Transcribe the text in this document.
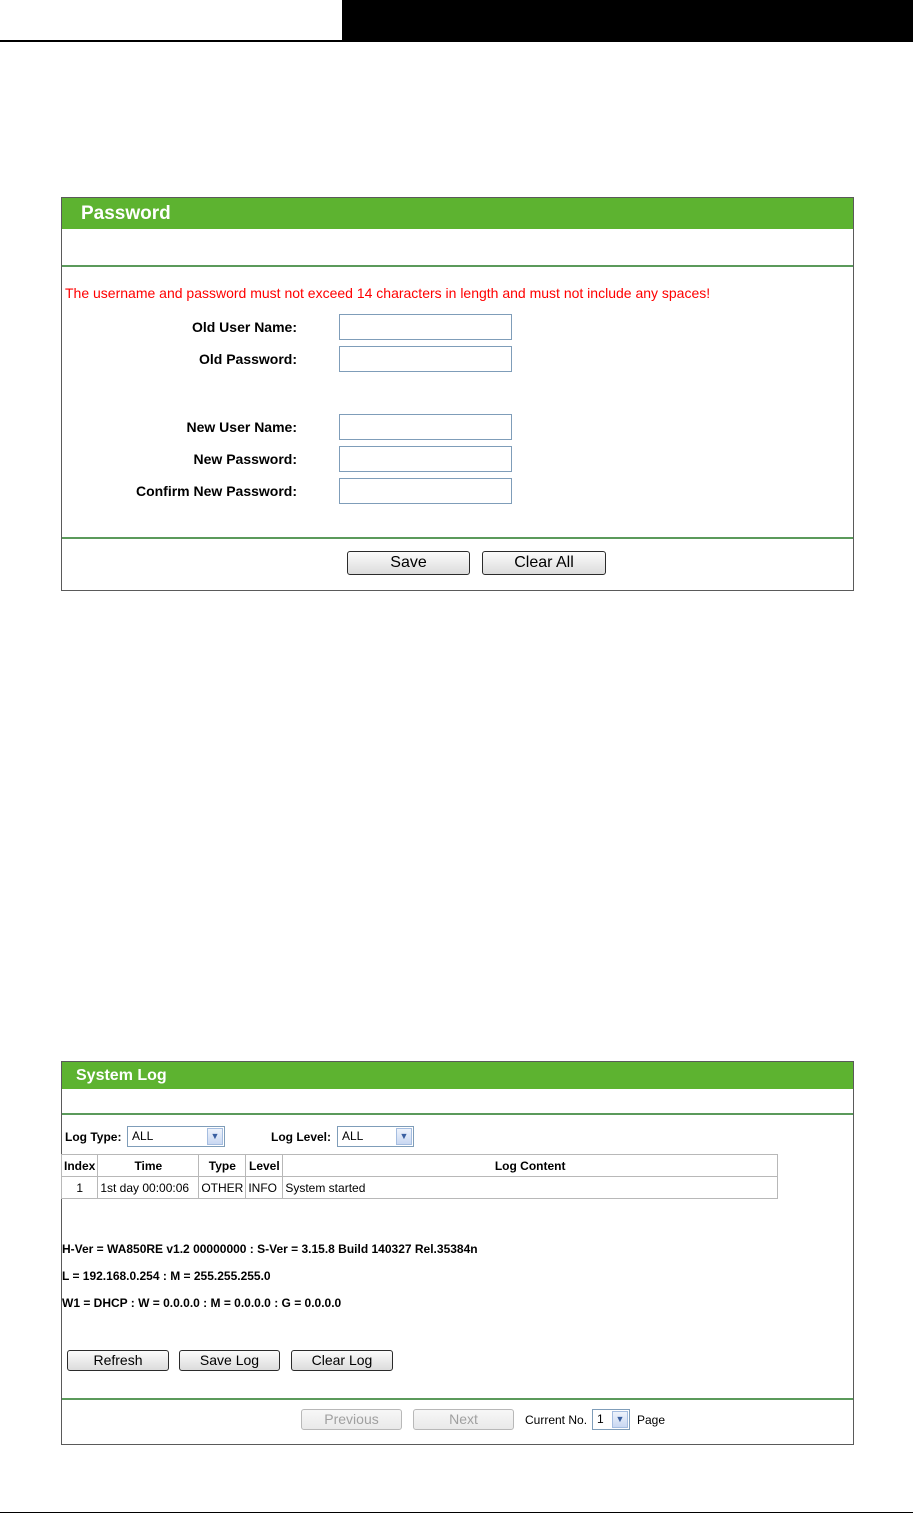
Password
The username and password must not exceed 14 characters in length and must not include any spaces!
Old User Name:
Old Password:
New User Name:
New Password:
Confirm New Password:
Save	Clear All
System Log
Log Type: ALL	▼	Log Level: ALL	▼
Index	Time	Type	Level	Log Content
1	1st day 00:00:06	OTHER	INFO	System started
H-Ver = WA850RE v1.2 00000000 : S-Ver = 3.15.8 Build 140327 Rel.35384n
L = 192.168.0.254 : M = 255.255.255.0
W1 = DHCP : W = 0.0.0.0 : M = 0.0.0.0 : G = 0.0.0.0
Refresh	Save Log	Clear Log
Previous	Next	Current No. 1	▼ Page
